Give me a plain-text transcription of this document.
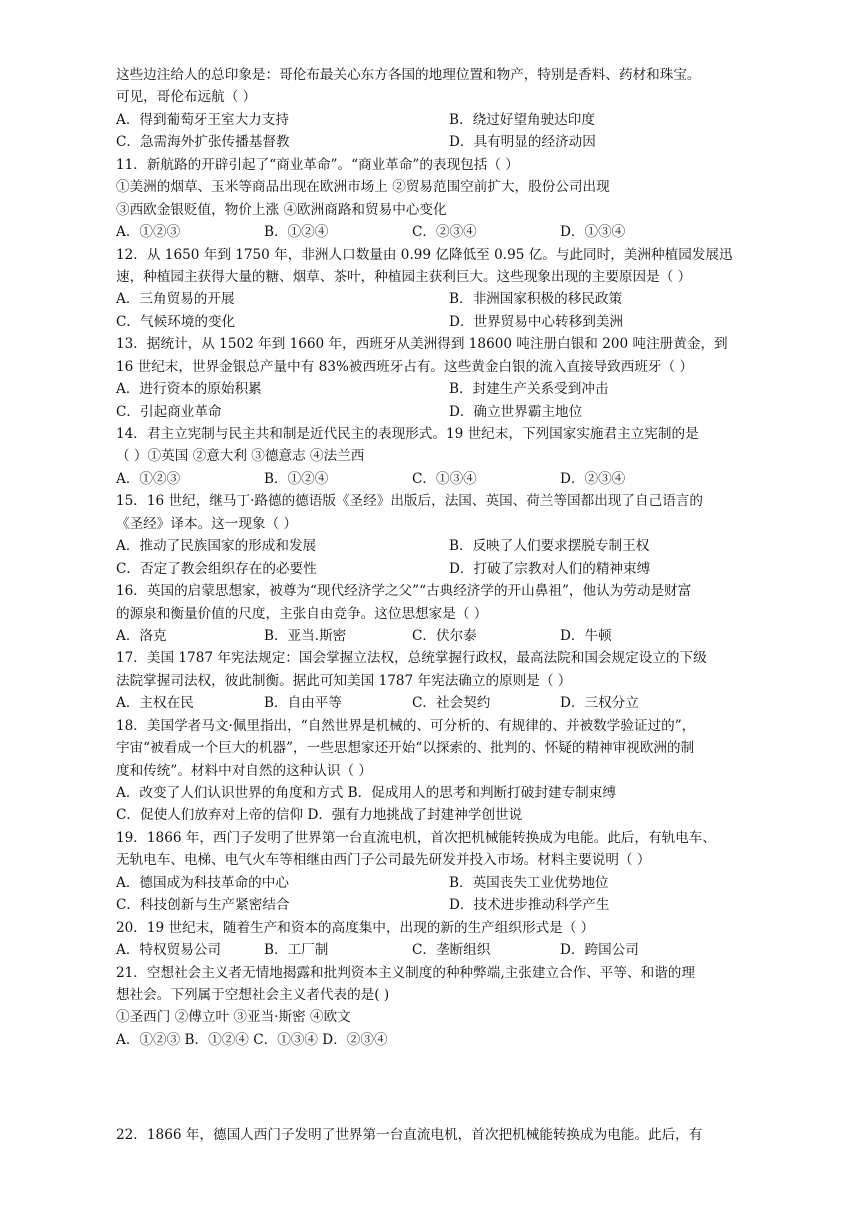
这些边注给人的总印象是：哥伦布最关心东方各国的地理位置和物产，特别是香料、药材和珠宝。
可见，哥伦布远航（ ）
A．得到葡萄牙王室大力支持	B．绕过好望角驶达印度
C．急需海外扩张传播基督教	D．具有明显的经济动因
11．新航路的开辟引起了“商业革命”。“商业革命”的表现包括（ ）
①美洲的烟草、玉米等商品出现在欧洲市场上 ②贸易范围空前扩大，股份公司出现
③西欧金银贬值，物价上涨 ④欧洲商路和贸易中心变化
A．①②③	B．①②④	C．②③④	D．①③④
12．从 1650 年到 1750 年，非洲人口数量由 0.99 亿降低至 0.95 亿。与此同时，美洲种植园发展迅
速，种植园主获得大量的糖、烟草、茶叶，种植园主获利巨大。这些现象出现的主要原因是（ ）
A．三角贸易的开展	B．非洲国家积极的移民政策
C．气候环境的变化	D．世界贸易中心转移到美洲
13．据统计，从 1502 年到 1660 年，西班牙从美洲得到 18600 吨注册白银和 200 吨注册黄金，到
16 世纪末，世界金银总产量中有 83%被西班牙占有。这些黄金白银的流入直接导致西班牙（ ）
A．进行资本的原始积累	B．封建生产关系受到冲击
C．引起商业革命	D．确立世界霸主地位
14．君主立宪制与民主共和制是近代民主的表现形式。19 世纪末，下列国家实施君主立宪制的是
（ ）①英国 ②意大利 ③德意志 ④法兰西
A．①②③	B．①②④	C．①③④	D．②③④
15．16 世纪，继马丁·路德的德语版《圣经》出版后，法国、英国、荷兰等国都出现了自己语言的
《圣经》译本。这一现象（ ）
A．推动了民族国家的形成和发展	B．反映了人们要求摆脱专制王权
C．否定了教会组织存在的必要性	D．打破了宗教对人们的精神束缚
16．英国的启蒙思想家，被尊为“现代经济学之父”“古典经济学的开山鼻祖”，他认为劳动是财富
的源泉和衡量价值的尺度，主张自由竞争。这位思想家是（ ）
A．洛克	B．亚当.斯密	C．伏尔泰	D．牛顿
17．美国 1787 年宪法规定：国会掌握立法权，总统掌握行政权，最高法院和国会规定设立的下级
法院掌握司法权，彼此制衡。据此可知美国 1787 年宪法确立的原则是（ ）
A．主权在民	B．自由平等	C．社会契约	D．三权分立
18．美国学者马文·佩里指出，“自然世界是机械的、可分析的、有规律的、并被数学验证过的”，
宇宙“被看成一个巨大的机器”，一些思想家还开始“以探索的、批判的、怀疑的精神审视欧洲的制
度和传统”。材料中对自然的这种认识（ ）
A．改变了人们认识世界的角度和方式 B．促成用人的思考和判断打破封建专制束缚
C．促使人们放弃对上帝的信仰 D．强有力地挑战了封建神学创世说
19．1866 年，西门子发明了世界第一台直流电机，首次把机械能转换成为电能。此后，有轨电车、
无轨电车、电梯、电气火车等相继由西门子公司最先研发并投入市场。材料主要说明（ ）
A．德国成为科技革命的中心	B．英国丧失工业优势地位
C．科技创新与生产紧密结合	D．技术进步推动科学产生
20．19 世纪末，随着生产和资本的高度集中，出现的新的生产组织形式是（ ）
A．特权贸易公司	B．工厂制	C．垄断组织	D．跨国公司
21．空想社会主义者无情地揭露和批判资本主义制度的种种弊端,主张建立合作、平等、和谐的理
想社会。下列属于空想社会主义者代表的是( )
①圣西门 ②傅立叶 ③亚当·斯密 ④欧文
A．①②③ B．①②④ C．①③④ D．②③④
22．1866 年，德国人西门子发明了世界第一台直流电机，首次把机械能转换成为电能。此后，有
